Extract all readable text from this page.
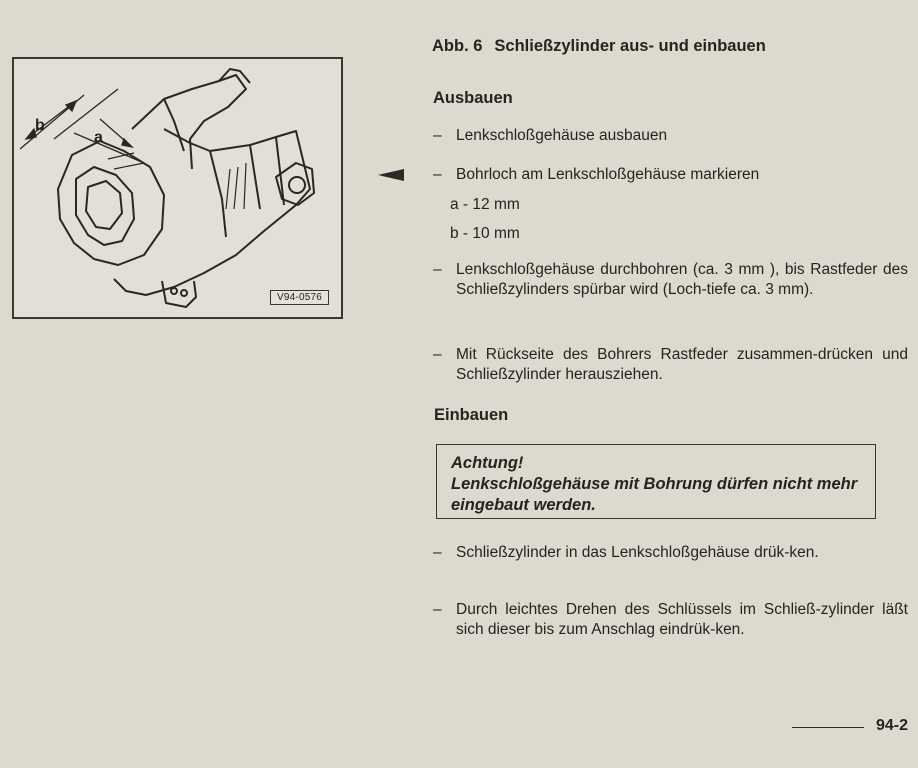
b
a
V94-0576
Abb. 6 Schließzylinder aus- und einbauen
Ausbauen
– Lenkschloßgehäuse ausbauen
– Bohrloch am Lenkschloßgehäuse markieren
a - 12 mm
b - 10 mm
– Lenkschloßgehäuse durchbohren (ca. 3 mm ), bis Rastfeder des Schließzylinders spürbar wird (Loch-tiefe ca. 3 mm).
– Mit Rückseite des Bohrers Rastfeder zusammen-drücken und Schließzylinder herausziehen.
Einbauen
Achtung!
Lenkschloßgehäuse mit Bohrung dürfen nicht mehr eingebaut werden.
– Schließzylinder in das Lenkschloßgehäuse drük-ken.
– Durch leichtes Drehen des Schlüssels im Schließ-zylinder läßt sich dieser bis zum Anschlag eindrük-ken.
94-2
